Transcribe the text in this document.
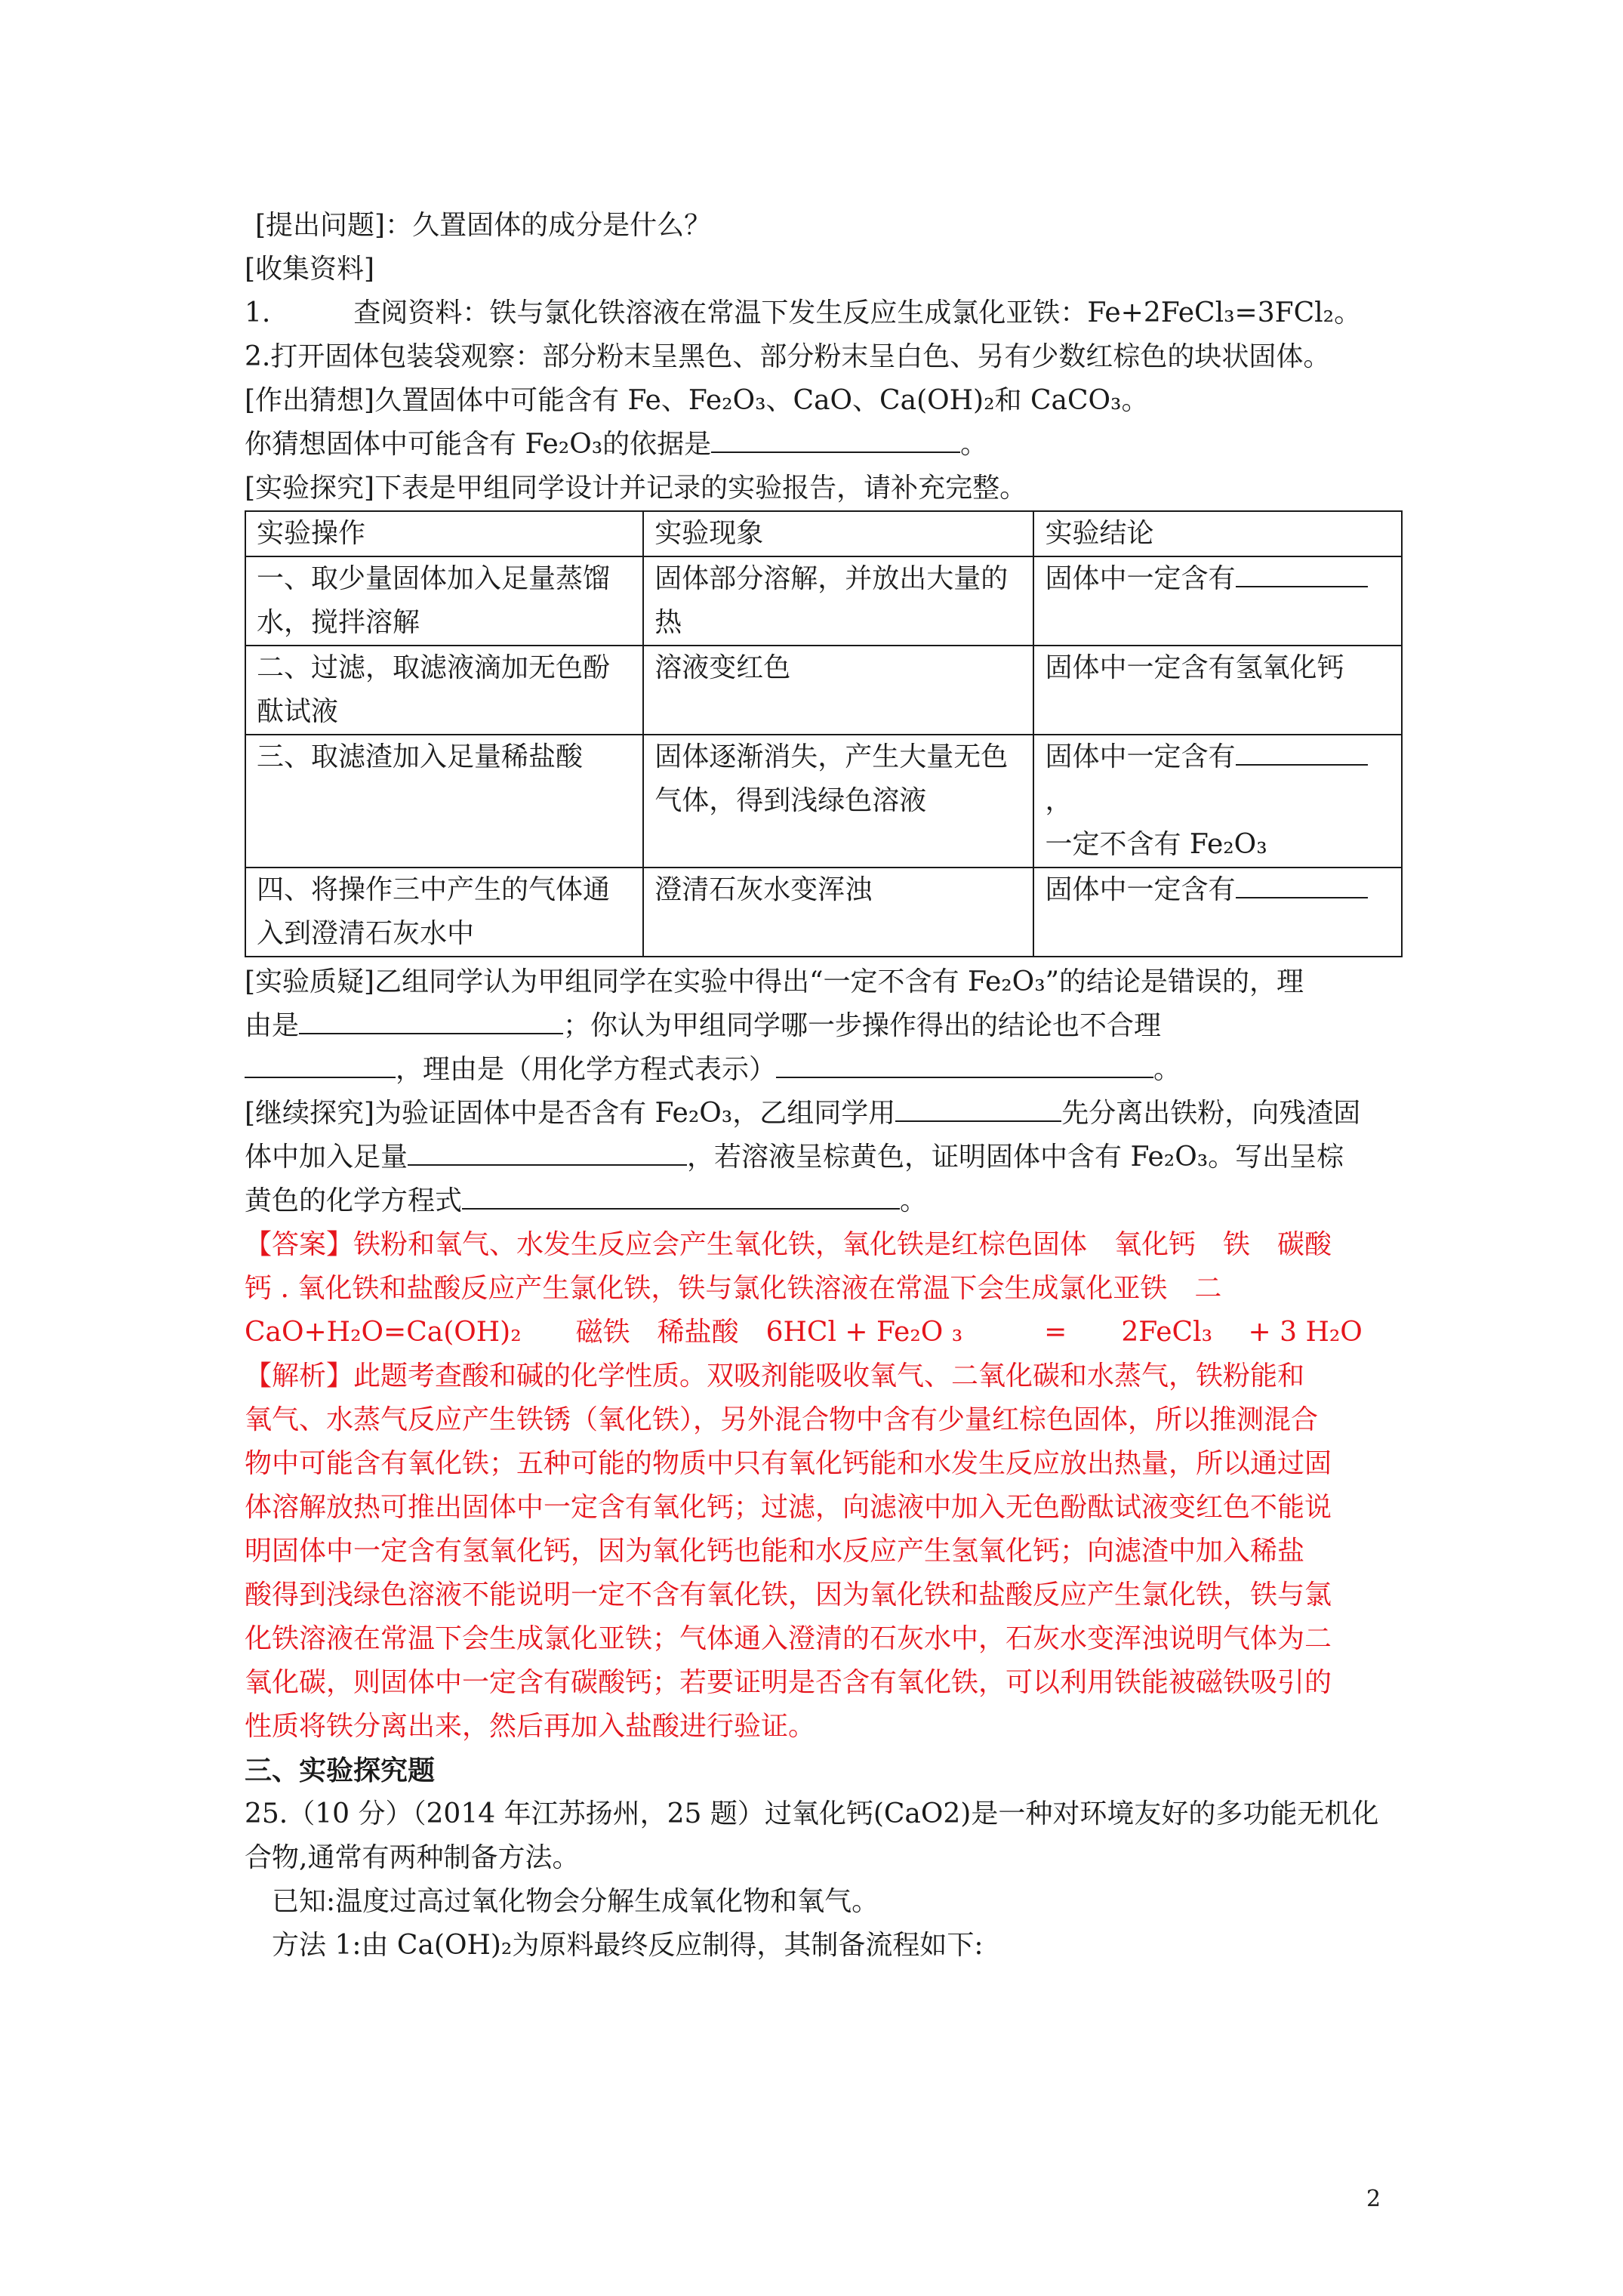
[提出问题]：久置固体的成分是什么？
[收集资料]
1.	查阅资料：铁与氯化铁溶液在常温下发生反应生成氯化亚铁：Fe+2FeCl₃=3FCl₂。
2.打开固体包装袋观察：部分粉末呈黑色、部分粉末呈白色、另有少数红棕色的块状固体。
[作出猜想]久置固体中可能含有 Fe、Fe₂O₃、CaO、Ca(OH)₂和 CaCO₃。
你猜想固体中可能含有 Fe₂O₃的依据是	。
[实验探究]下表是甲组同学设计并记录的实验报告，请补充完整。
实验操作	实验现象	实验结论
一、取少量固体加入足量蒸馏水，搅拌溶解	固体部分溶解，并放出大量的热	固体中一定含有
二、过滤，取滤液滴加无色酚酞试液	溶液变红色	固体中一定含有氢氧化钙
三、取滤渣加入足量稀盐酸	固体逐渐消失，产生大量无色气体，得到浅绿色溶液	固体中一定含有，
一定不含有 Fe₂O₃
四、将操作三中产生的气体通入到澄清石灰水中	澄清石灰水变浑浊	固体中一定含有
[实验质疑]乙组同学认为甲组同学在实验中得出“一定不含有 Fe₂O₃”的结论是错误的，理
由是	；你认为甲组同学哪一步操作得出的结论也不合理
，理由是（用化学方程式表示）	。
[继续探究]为验证固体中是否含有 Fe₂O₃，乙组同学用	先分离出铁粉，向残渣固
体中加入足量	，若溶液呈棕黄色，证明固体中含有 Fe₂O₃。写出呈棕
黄色的化学方程式	。
【答案】铁粉和氧气、水发生反应会产生氧化铁，氧化铁是红棕色固体　氧化钙　铁　碳酸
钙 . 氧化铁和盐酸反应产生氯化铁，铁与氯化铁溶液在常温下会生成氯化亚铁　二
CaO+H₂O=Ca(OH)₂　　磁铁　稀盐酸　6HCl + Fe₂O ₃　　　=　　2FeCl₃　 + 3 H₂O
【解析】此题考查酸和碱的化学性质。双吸剂能吸收氧气、二氧化碳和水蒸气，铁粉能和
氧气、水蒸气反应产生铁锈（氧化铁），另外混合物中含有少量红棕色固体，所以推测混合
物中可能含有氧化铁；五种可能的物质中只有氧化钙能和水发生反应放出热量，所以通过固
体溶解放热可推出固体中一定含有氧化钙；过滤，向滤液中加入无色酚酞试液变红色不能说
明固体中一定含有氢氧化钙，因为氧化钙也能和水反应产生氢氧化钙；向滤渣中加入稀盐
酸得到浅绿色溶液不能说明一定不含有氧化铁，因为氧化铁和盐酸反应产生氯化铁，铁与氯
化铁溶液在常温下会生成氯化亚铁；气体通入澄清的石灰水中，石灰水变浑浊说明气体为二
氧化碳，则固体中一定含有碳酸钙；若要证明是否含有氧化铁，可以利用铁能被磁铁吸引的
性质将铁分离出来，然后再加入盐酸进行验证。
三、实验探究题
25.（10 分）（2014 年江苏扬州，25 题）过氧化钙(CaO2)是一种对环境友好的多功能无机化
合物,通常有两种制备方法。
已知:温度过高过氧化物会分解生成氧化物和氧气。
方法 1:由 Ca(OH)₂为原料最终反应制得，其制备流程如下:
2
